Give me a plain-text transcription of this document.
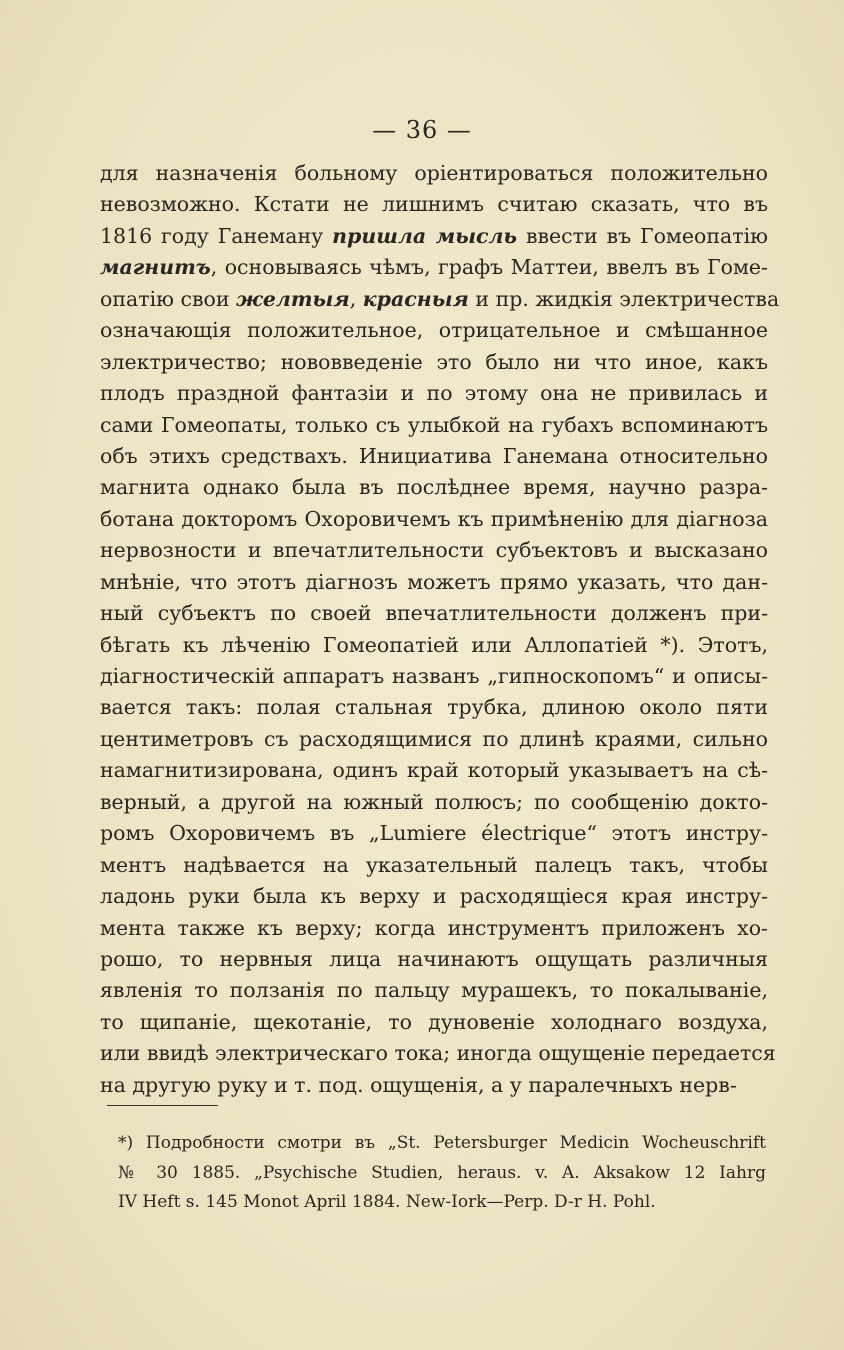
— 36 —
для назначенія больному оріентироваться положительно
невозможно. Кстати не лишнимъ считаю сказать, что въ
1816 году Ганеману пришла мысль ввести въ Гомеопатію
магнитъ, основываясь чѣмъ, графъ Маттеи, ввелъ въ Гоме-
опатію свои желтыя, красныя и пр. жидкія электричества
означающія положительное, отрицательное и смѣшанное
электричество; нововведеніе это было ни что иное, какъ
плодъ праздной фантазіи и по этому она не привилась и
сами Гомеопаты, только съ улыбкой на губахъ вспоминаютъ
объ этихъ средствахъ. Инициатива Ганемана относительно
магнита однако была въ послѣднее время, научно разра-
ботана докторомъ Охоровичемъ къ примѣненію для діагноза
нервозности и впечатлительности субъектовъ и высказано
мнѣніе, что этотъ діагнозъ можетъ прямо указать, что дан-
ный субъектъ по своей впечатлительности долженъ при-
бѣгать къ лѣченію Гомеопатіей или Аллопатіей *). Этотъ,
діагностическій аппаратъ названъ „гипноскопомъ“ и описы-
вается такъ: полая стальная трубка, длиною около пяти
центиметровъ съ расходящимися по длинѣ краями, сильно
намагнитизирована, одинъ край который указываетъ на сѣ-
верный, а другой на южный полюсъ; по сообщенію докто-
ромъ Охоровичемъ въ „Lumiere électrique“ этотъ инстру-
ментъ надѣвается на указательный палецъ такъ, чтобы
ладонь руки была къ верху и расходящіеся края инстру-
мента также къ верху; когда инструментъ приложенъ хо-
рошо, то нервныя лица начинаютъ ощущать различныя
явленія то ползанія по пальцу мурашекъ, то покалываніе,
то щипаніе, щекотаніе, то дуновеніе холоднаго воздуха,
или ввидѣ электрическаго тока; иногда ощущеніе передается
на другую руку и т. под. ощущенія, а у паралечныхъ нерв-
*) Подробности смотри въ „St. Petersburger Medicin Wocheuschrift
№ 30 1885. „Psychische Studien, heraus. v. A. Aksakow 12 Iahrg
IV Heft s. 145 Monot April 1884. New-Iork—Perp. D-r H. Pohl.
